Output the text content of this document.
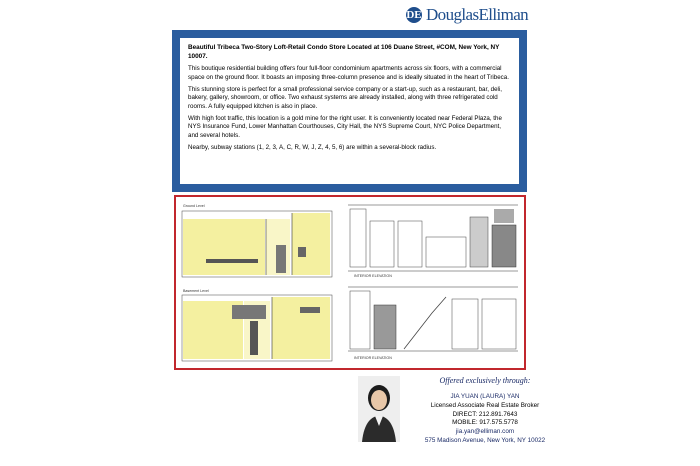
DE DouglasElliman
Beautiful Tribeca Two-Story Loft-Retail Condo Store Located at 106 Duane Street, #COM, New York, NY 10007.

This boutique residential building offers four full-floor condominium apartments across six floors, with a commercial space on the ground floor. It boasts an imposing three-column presence and is ideally situated in the heart of Tribeca.

This stunning store is perfect for a small professional service company or a start-up, such as a restaurant, bar, deli, bakery, gallery, showroom, or office. Two exhaust systems are already installed, along with three refrigerated cold rooms. A fully equipped kitchen is also in place.

With high foot traffic, this location is a gold mine for the right user. It is conveniently located near Federal Plaza, the NYS Insurance Fund, Lower Manhattan Courthouses, City Hall, the NYS Supreme Court, NYC Police Department, and several hotels.

Nearby, subway stations (1, 2, 3, A, C, R, W, J, Z, 4, 5, 6) are within a several-block radius.

Ground Level
Basement Level
INTERIOR ELEVATION
INTERIOR ELEVATION
Offered exclusively through:
JIA YUAN (LAURA) YAN
Licensed Associate Real Estate Broker
DIRECT: 212.891.7643
MOBILE: 917.575.5778
jia.yan@elliman.com
575 Madison Avenue, New York, NY 10022
